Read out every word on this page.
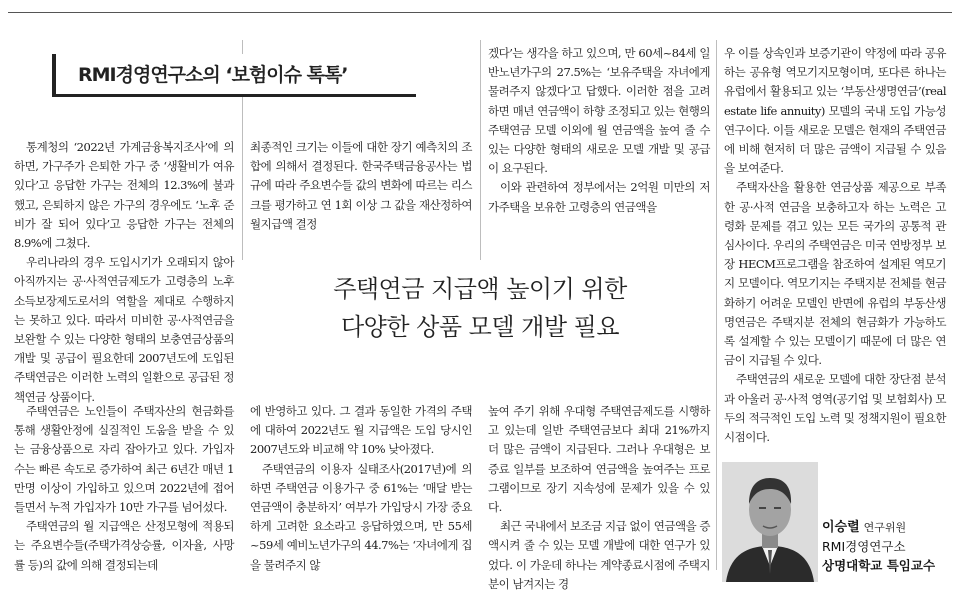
RMI경영연구소의 ‘보험이슈 톡톡’

통계청의 ‘2022년 가계금융복지조사’에 의하면, 가구주가 은퇴한 가구 중 ‘생활비가 여유 있다’고 응답한 가구는 전체의 12.3%에 불과했고, 은퇴하지 않은 가구의 경우에도 ‘노후 준비가 잘 되어 있다’고 응답한 가구는 전체의 8.9%에 그쳤다.

우리나라의 경우 도입시기가 오래되지 않아 아직까지는 공·사적연금제도가 고령층의 노후소득보장제도로서의 역할을 제대로 수행하지는 못하고 있다. 따라서 미비한 공·사적연금을 보완할 수 있는 다양한 형태의 보충연금상품의 개발 및 공급이 필요한데 2007년도에 도입된 주택연금은 이러한 노력의 일환으로 공급된 정책연금 상품이다.

주택연금은 노인들이 주택자산의 현금화를 통해 생활안정에 실질적인 도움을 받을 수 있는 금융상품으로 자리 잡아가고 있다. 가입자 수는 빠른 속도로 증가하여 최근 6년간 매년 1만명 이상이 가입하고 있으며 2022년에 접어들면서 누적 가입자가 10만 가구를 넘어섰다.

주택연금의 월 지급액은 산정모형에 적용되는 주요변수들(주택가격상승률, 이자율, 사망률 등)의 값에 의해 결정되는데

최종적인 크기는 이들에 대한 장기 예측치의 조합에 의해서 결정된다. 한국주택금융공사는 법규에 따라 주요변수들 값의 변화에 따르는 리스크를 평가하고 연 1회 이상 그 값을 재산정하여 월지급액 결정

에 반영하고 있다. 그 결과 동일한 가격의 주택에 대하여 2022년도 월 지급액은 도입 당시인 2007년도와 비교해 약 10% 낮아졌다.

주택연금의 이용자 실태조사(2017년)에 의하면 주택연금 이용가구 중 61%는 ‘매달 받는 연금액이 충분하지’ 여부가 가입당시 가장 중요하게 고려한 요소라고 응답하였으며, 만 55세~59세 예비노년가구의 44.7%는 ‘자녀에게 집을 물려주지 않

겠다’는 생각을 하고 있으며, 만 60세~84세 일반노년가구의 27.5%는 ‘보유주택을 자녀에게 물려주지 않겠다’고 답했다. 이러한 점을 고려하면 매년 연금액이 하향 조정되고 있는 현행의 주택연금 모델 이외에 월 연금액을 높여 줄 수 있는 다양한 형태의 새로운 모델 개발 및 공급이 요구된다.

이와 관련하여 정부에서는 2억원 미만의 저가주택을 보유한 고령층의 연금액을

높여 주기 위해 우대형 주택연금제도를 시행하고 있는데 일반 주택연금보다 최대 21%까지 더 많은 금액이 지급된다. 그러나 우대형은 보증료 일부를 보조하여 연금액을 높여주는 프로그램이므로 장기 지속성에 문제가 있을 수 있다.

최근 국내에서 보조금 지급 없이 연금액을 증액시켜 줄 수 있는 모델 개발에 대한 연구가 있었다. 이 가운데 하나는 계약종료시점에 주택지분이 남겨지는 경

주택연금 지급액 높이기 위한
다양한 상품 모델 개발 필요

우 이를 상속인과 보증기관이 약정에 따라 공유하는 공유형 역모기지모형이며, 또다른 하나는 유럽에서 활용되고 있는 ‘부동산생명연금’(real estate life annuity) 모델의 국내 도입 가능성 연구이다. 이들 새로운 모델은 현재의 주택연금에 비해 현저히 더 많은 금액이 지급될 수 있음을 보여준다.

주택자산을 활용한 연금상품 제공으로 부족한 공·사적 연금을 보충하고자 하는 노력은 고령화 문제를 겪고 있는 모든 국가의 공통적 관심사이다. 우리의 주택연금은 미국 연방정부 보장 HECM프로그램을 참조하여 설계된 역모기지 모델이다. 역모기지는 주택지분 전체를 현금화하기 어려운 모델인 반면에 유럽의 부동산생명연금은 주택지분 전체의 현금화가 가능하도록 설계할 수 있는 모델이기 때문에 더 많은 연금이 지급될 수 있다.

주택연금의 새로운 모델에 대한 장단점 분석과 아울러 공·사적 영역(공기업 및 보험회사) 모두의 적극적인 도입 노력 및 정책지원이 필요한 시점이다.

이승렬 연구위원
RMI경영연구소
상명대학교 특임교수
